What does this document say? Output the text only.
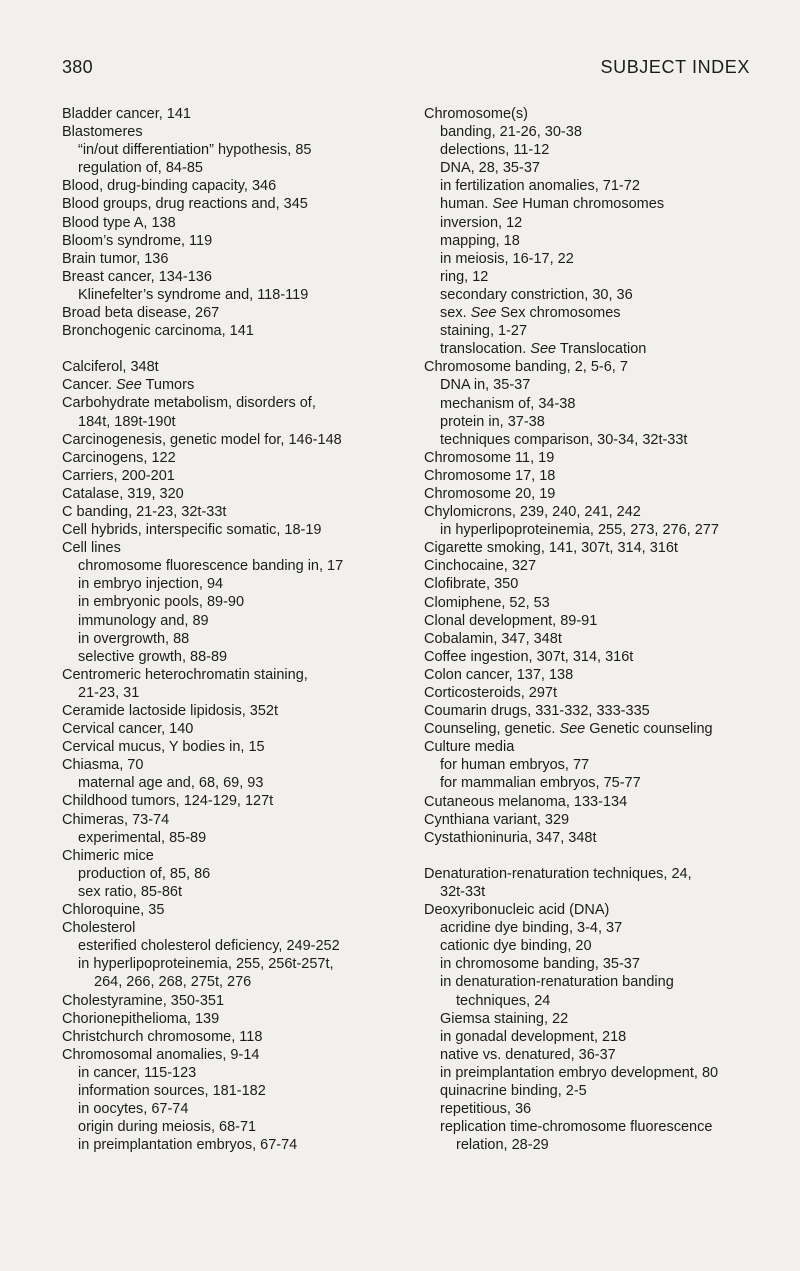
380	SUBJECT INDEX
Bladder cancer, 141
Blastomeres
“in/out differentiation” hypothesis, 85
regulation of, 84-85
Blood, drug-binding capacity, 346
Blood groups, drug reactions and, 345
Blood type A, 138
Bloom’s syndrome, 119
Brain tumor, 136
Breast cancer, 134-136
Klinefelter’s syndrome and, 118-119
Broad beta disease, 267
Bronchogenic carcinoma, 141
Calciferol, 348t
Cancer. See Tumors
Carbohydrate metabolism, disorders of,
184t, 189t-190t
Carcinogenesis, genetic model for, 146-148
Carcinogens, 122
Carriers, 200-201
Catalase, 319, 320
C banding, 21-23, 32t-33t
Cell hybrids, interspecific somatic, 18-19
Cell lines
chromosome fluorescence banding in, 17
in embryo injection, 94
in embryonic pools, 89-90
immunology and, 89
in overgrowth, 88
selective growth, 88-89
Centromeric heterochromatin staining,
21-23, 31
Ceramide lactoside lipidosis, 352t
Cervical cancer, 140
Cervical mucus, Y bodies in, 15
Chiasma, 70
maternal age and, 68, 69, 93
Childhood tumors, 124-129, 127t
Chimeras, 73-74
experimental, 85-89
Chimeric mice
production of, 85, 86
sex ratio, 85-86t
Chloroquine, 35
Cholesterol
esterified cholesterol deficiency, 249-252
in hyperlipoproteinemia, 255, 256t-257t,
264, 266, 268, 275t, 276
Cholestyramine, 350-351
Chorionepithelioma, 139
Christchurch chromosome, 118
Chromosomal anomalies, 9-14
in cancer, 115-123
information sources, 181-182
in oocytes, 67-74
origin during meiosis, 68-71
in preimplantation embryos, 67-74
Chromosome(s)
banding, 21-26, 30-38
delections, 11-12
DNA, 28, 35-37
in fertilization anomalies, 71-72
human. See Human chromosomes
inversion, 12
mapping, 18
in meiosis, 16-17, 22
ring, 12
secondary constriction, 30, 36
sex. See Sex chromosomes
staining, 1-27
translocation. See Translocation
Chromosome banding, 2, 5-6, 7
DNA in, 35-37
mechanism of, 34-38
protein in, 37-38
techniques comparison, 30-34, 32t-33t
Chromosome 11, 19
Chromosome 17, 18
Chromosome 20, 19
Chylomicrons, 239, 240, 241, 242
in hyperlipoproteinemia, 255, 273, 276, 277
Cigarette smoking, 141, 307t, 314, 316t
Cinchocaine, 327
Clofibrate, 350
Clomiphene, 52, 53
Clonal development, 89-91
Cobalamin, 347, 348t
Coffee ingestion, 307t, 314, 316t
Colon cancer, 137, 138
Corticosteroids, 297t
Coumarin drugs, 331-332, 333-335
Counseling, genetic. See Genetic counseling
Culture media
for human embryos, 77
for mammalian embryos, 75-77
Cutaneous melanoma, 133-134
Cynthiana variant, 329
Cystathioninuria, 347, 348t
Denaturation-renaturation techniques, 24,
32t-33t
Deoxyribonucleic acid (DNA)
acridine dye binding, 3-4, 37
cationic dye binding, 20
in chromosome banding, 35-37
in denaturation-renaturation banding
techniques, 24
Giemsa staining, 22
in gonadal development, 218
native vs. denatured, 36-37
in preimplantation embryo development, 80
quinacrine binding, 2-5
repetitious, 36
replication time-chromosome fluorescence
relation, 28-29
